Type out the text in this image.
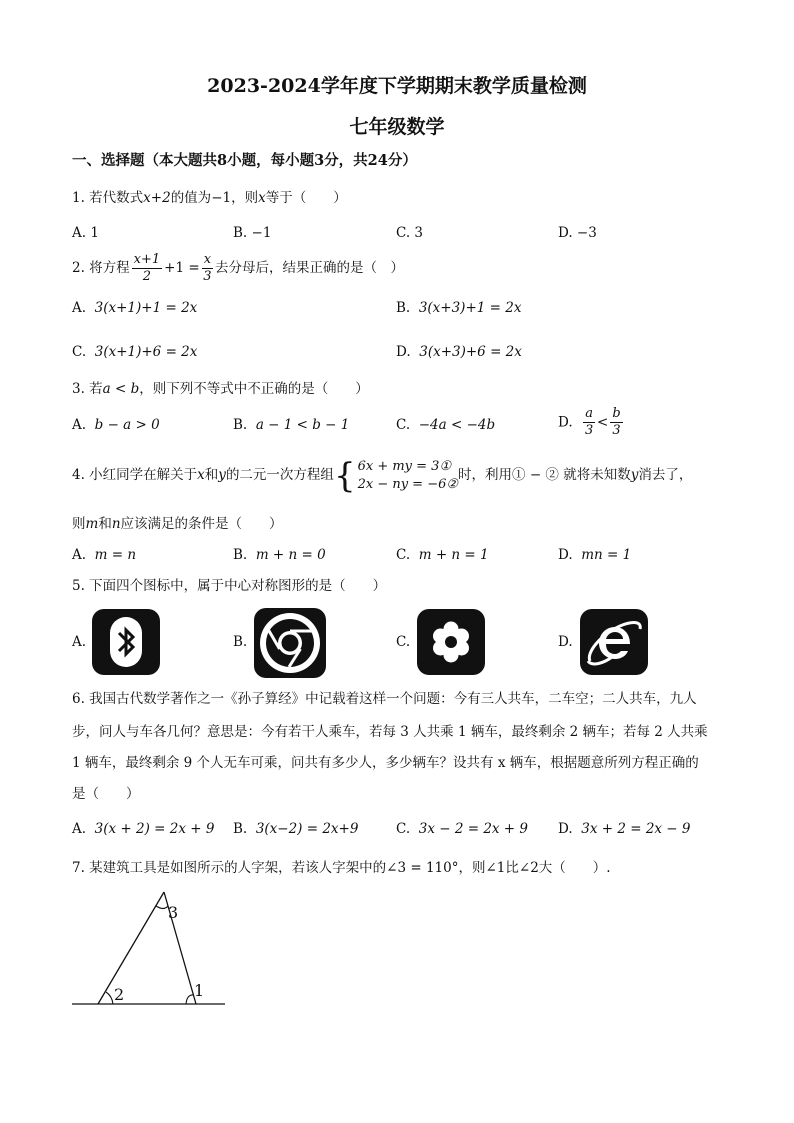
2023-2024学年度下学期期末教学质量检测
七年级数学
一、选择题（本大题共8小题，每小题3分，共24分）
1. 若代数式x+2的值为−1，则x等于（　　）
A. 1	B. −1	C. 3	D. −3
2. 将方程 $\frac{x+1}{2} +1 = \frac{x}{3}$ 去分母后，结果正确的是（　）
A. 3(x+1)+1 = 2x	B. 3(x+3)+1 = 2x
C. 3(x+1)+6 = 2x	D. 3(x+3)+6 = 2x
3. 若a < b，则下列不等式中不正确的是（　　）
A. b − a > 0	B. a − 1 < b − 1	C. −4a < −4b	D. $\frac{a}{3} < \frac{b}{3}$
4. 小红同学在解关于x和y的二元一次方程组{ 6x + my = 3①
2x − ny = −6②
时，利用① − ② 就将未知数y消去了，
则m和n应该满足的条件是（　　）
A. m = n	B. m + n = 0	C. m + n = 1	D. mn = 1
5. 下面四个图标中，属于中心对称图形的是（　　）
A.	B.	C.	D.
6. 我国古代数学著作之一《孙子算经》中记载着这样一个问题：今有三人共车，二车空；二人共车，九人
步，问人与车各几何？意思是：今有若干人乘车，若每 3 人共乘 1 辆车，最终剩余 2 辆车；若每 2 人共乘
1 辆车，最终剩余 9 个人无车可乘，问共有多少人，多少辆车？设共有 x 辆车，根据题意所列方程正确的
是（　　）
A. 3(x + 2) = 2x + 9 B. 3(x−2) = 2x+9	C. 3x − 2 = 2x + 9 D. 3x + 2 = 2x − 9
7. 某建筑工具是如图所示的人字架，若该人字架中的∠3 = 110°，则∠1比∠2大（　　）.
3
2	1
